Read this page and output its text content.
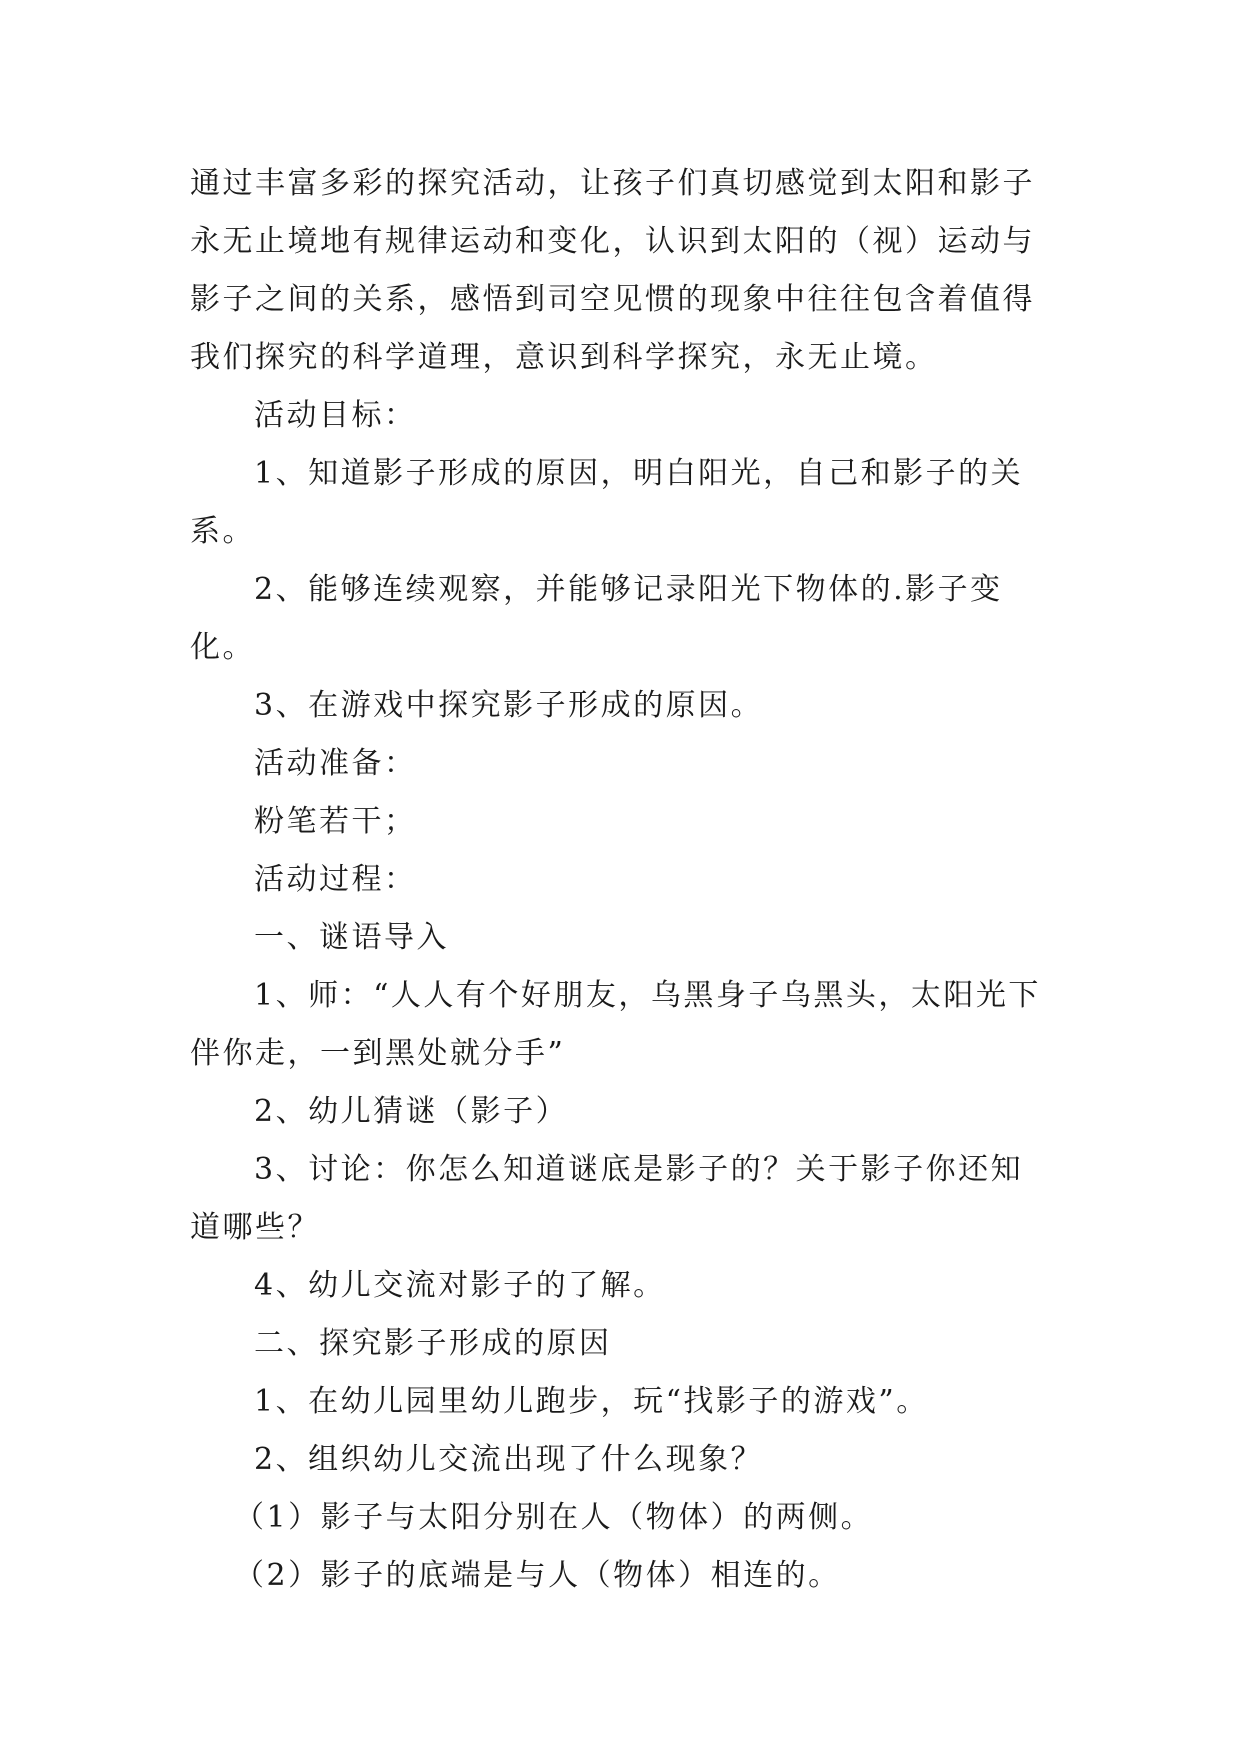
通过丰富多彩的探究活动，让孩子们真切感觉到太阳和影子永无止境地有规律运动和变化，认识到太阳的（视）运动与影子之间的关系，感悟到司空见惯的现象中往往包含着值得我们探究的科学道理，意识到科学探究，永无止境。

活动目标：

1、知道影子形成的原因，明白阳光，自己和影子的关系。

2、能够连续观察，并能够记录阳光下物体的.影子变化。

3、在游戏中探究影子形成的原因。

活动准备：

粉笔若干；

活动过程：

一、谜语导入

1、师：“人人有个好朋友，乌黑身子乌黑头，太阳光下伴你走，一到黑处就分手”

2、幼儿猜谜（影子）

3、讨论：你怎么知道谜底是影子的？关于影子你还知道哪些？

4、幼儿交流对影子的了解。

二、探究影子形成的原因

1、在幼儿园里幼儿跑步，玩“找影子的游戏”。

2、组织幼儿交流出现了什么现象？

（1）影子与太阳分别在人（物体）的两侧。

（2）影子的底端是与人（物体）相连的。
